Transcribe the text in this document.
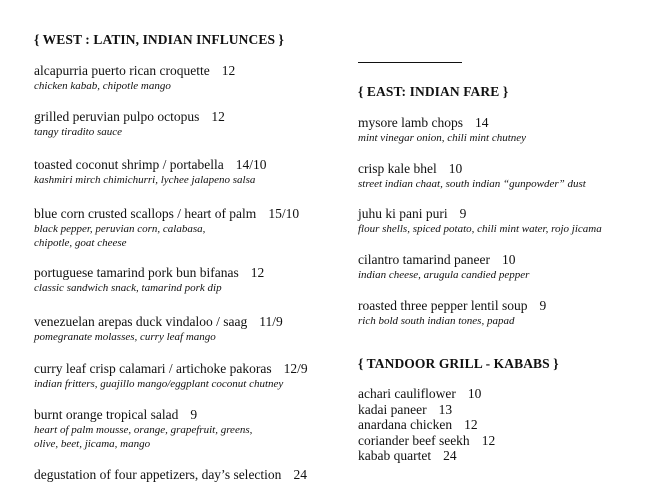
{ WEST : LATIN, INDIAN INFLUNCES }
alcapurria puerto rican croquette 12
chicken kabab, chipotle mango
grilled peruvian pulpo octopus 12
tangy tiradito sauce
toasted coconut shrimp / portabella 14/10
kashmiri mirch chimichurri, lychee jalapeno salsa
blue corn crusted scallops / heart of palm 15/10
black pepper, peruvian corn, calabasa,
chipotle, goat cheese
portuguese tamarind pork bun bifanas 12
classic sandwich snack, tamarind pork dip
venezuelan arepas duck vindaloo / saag 11/9
pomegranate molasses, curry leaf mango
curry leaf crisp calamari / artichoke pakoras 12/9
indian fritters, guajillo mango/eggplant coconut chutney
burnt orange tropical salad 9
heart of palm mousse, orange, grapefruit, greens,
olive, beet, jicama, mango
degustation of four appetizers, day’s selection 24
{ EAST: INDIAN FARE }
mysore lamb chops 14
mint vinegar onion, chili mint chutney
crisp kale bhel 10
street indian chaat, south indian “gunpowder” dust
juhu ki pani puri 9
flour shells, spiced potato, chili mint water, rojo jicama
cilantro tamarind paneer 10
indian cheese, arugula candied pepper
roasted three pepper lentil soup 9
rich bold south indian tones, papad
{ TANDOOR GRILL - KABABS }
achari cauliflower 10
kadai paneer 13
anardana chicken 12
coriander beef seekh 12
kabab quartet 24
